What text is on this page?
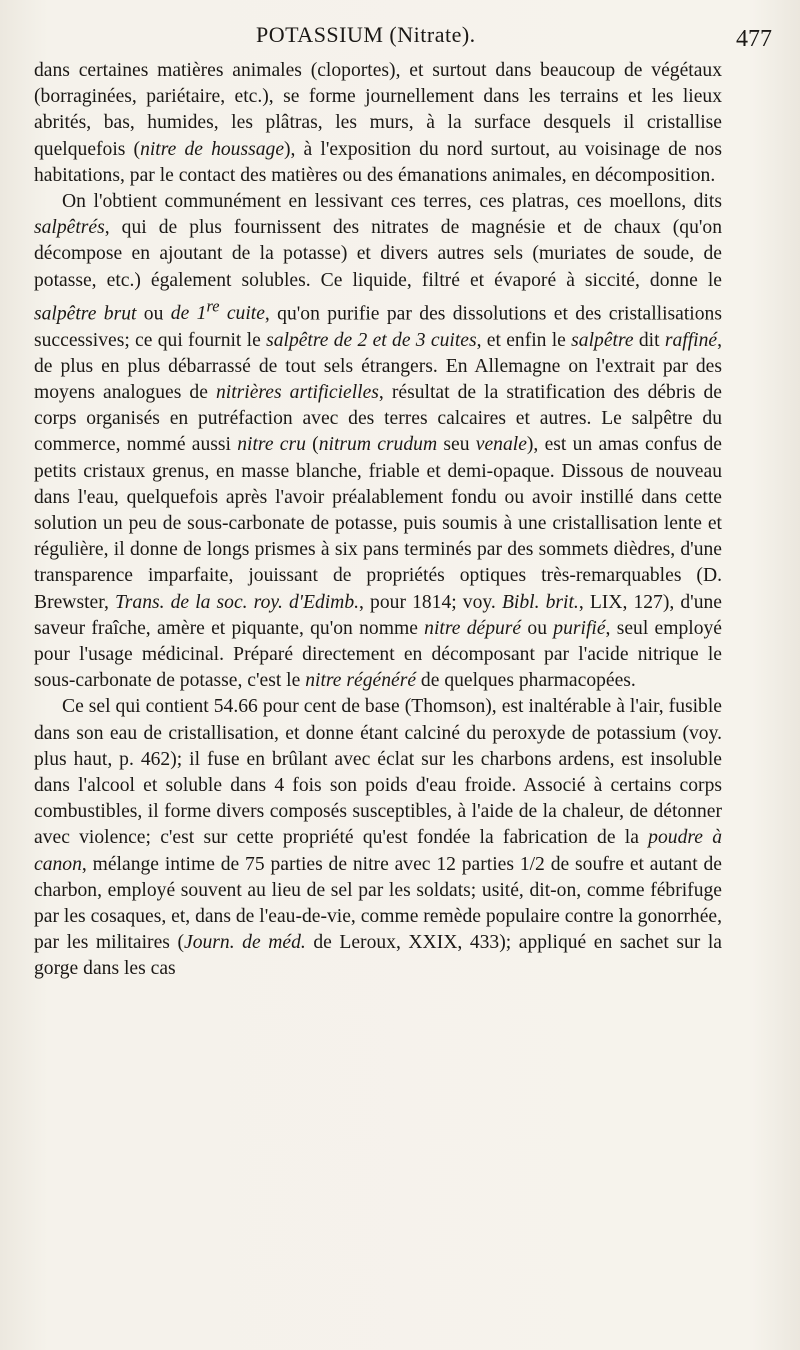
POTASSIUM (Nitrate).	477

dans certaines matières animales (cloportes), et surtout dans beaucoup de végétaux (borraginées, pariétaire, etc.), se forme journellement dans les terrains et les lieux abrités, bas, humides, les plâtras, les murs, à la surface desquels il cristallise quelquefois (nitre de houssage), à l'exposition du nord surtout, au voisinage de nos habitations, par le contact des matières ou des émanations animales, en décomposition.

On l'obtient communément en lessivant ces terres, ces platras, ces moellons, dits salpêtrés, qui de plus fournissent des nitrates de magnésie et de chaux (qu'on décompose en ajoutant de la potasse) et divers autres sels (muriates de soude, de potasse, etc.) également solubles. Ce liquide, filtré et évaporé à siccité, donne le salpêtre brut ou de 1re cuite, qu'on purifie par des dissolutions et des cristallisations successives; ce qui fournit le salpêtre de 2 et de 3 cuites, et enfin le salpêtre dit raffiné, de plus en plus débarrassé de tout sels étrangers. En Allemagne on l'extrait par des moyens analogues de nitrières artificielles, résultat de la stratification des débris de corps organisés en putréfaction avec des terres calcaires et autres. Le salpêtre du commerce, nommé aussi nitre cru (nitrum crudum seu venale), est un amas confus de petits cristaux grenus, en masse blanche, friable et demi-opaque. Dissous de nouveau dans l'eau, quelquefois après l'avoir préalablement fondu ou avoir instillé dans cette solution un peu de sous-carbonate de potasse, puis soumis à une cristallisation lente et régulière, il donne de longs prismes à six pans terminés par des sommets dièdres, d'une transparence imparfaite, jouissant de propriétés optiques très-remarquables (D. Brewster, Trans. de la soc. roy. d'Edimb., pour 1814; voy. Bibl. brit., LIX, 127), d'une saveur fraîche, amère et piquante, qu'on nomme nitre dépuré ou purifié, seul employé pour l'usage médicinal. Préparé directement en décomposant par l'acide nitrique le sous-carbonate de potasse, c'est le nitre régénéré de quelques pharmacopées.

Ce sel qui contient 54.66 pour cent de base (Thomson), est inaltérable à l'air, fusible dans son eau de cristallisation, et donne étant calciné du peroxyde de potassium (voy. plus haut, p. 462); il fuse en brûlant avec éclat sur les charbons ardens, est insoluble dans l'alcool et soluble dans 4 fois son poids d'eau froide. Associé à certains corps combustibles, il forme divers composés susceptibles, à l'aide de la chaleur, de détonner avec violence; c'est sur cette propriété qu'est fondée la fabrication de la poudre à canon, mélange intime de 75 parties de nitre avec 12 parties 1/2 de soufre et autant de charbon, employé souvent au lieu de sel par les soldats; usité, dit-on, comme fébrifuge par les cosaques, et, dans de l'eau-de-vie, comme remède populaire contre la gonorrhée, par les militaires (Journ. de méd. de Leroux, XXIX, 433); appliqué en sachet sur la gorge dans les cas
